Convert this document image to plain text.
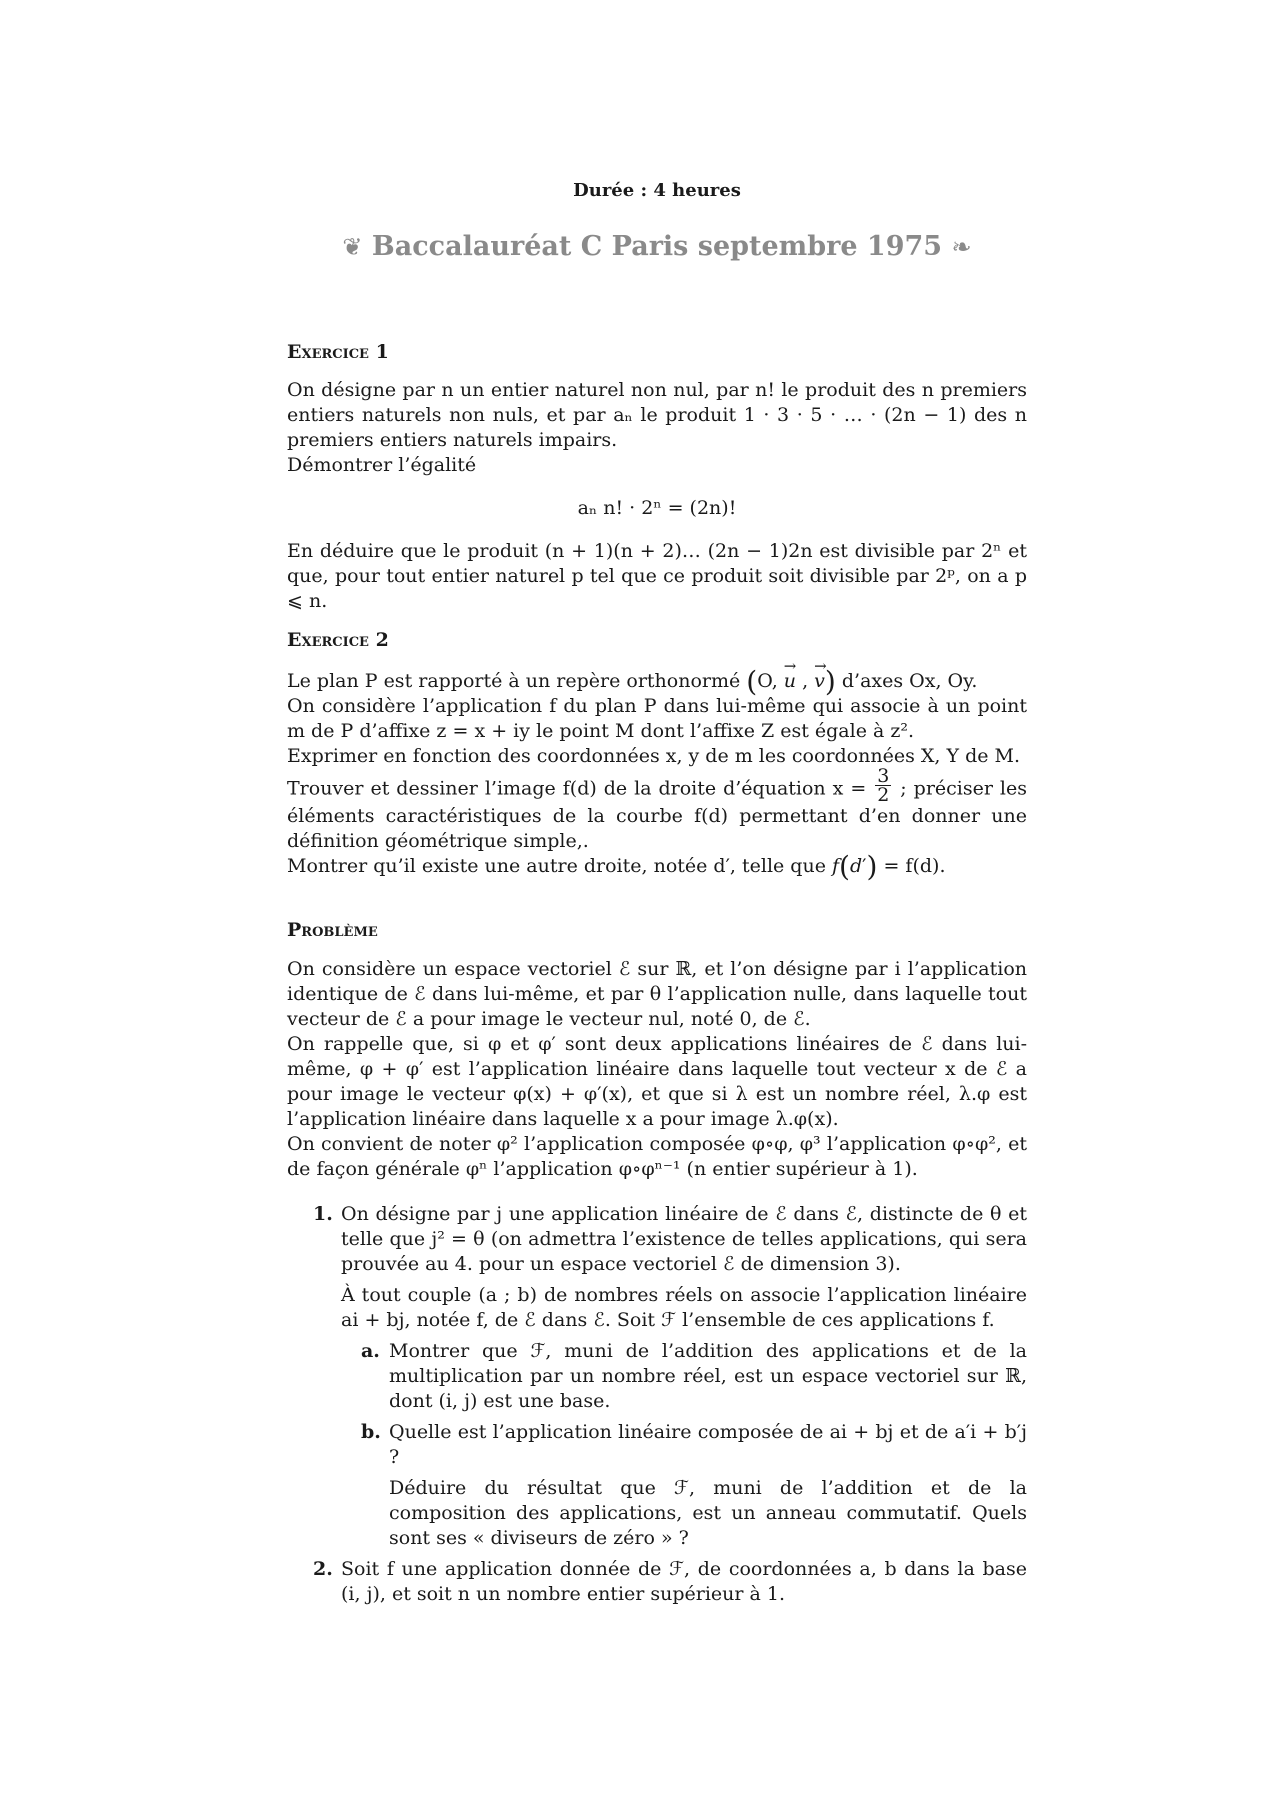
Durée : 4 heures
❦ Baccalauréat C Paris septembre 1975 ❧
Exercice 1

On désigne par n un entier naturel non nul, par n! le produit des n premiers entiers naturels non nuls, et par aₙ le produit 1 · 3 · 5 · … · (2n − 1) des n premiers entiers naturels impairs.

Démontrer l’égalité

aₙ n! · 2ⁿ = (2n)!

En déduire que le produit (n + 1)(n + 2)… (2n − 1)2n est divisible par 2ⁿ et que, pour tout entier naturel p tel que ce produit soit divisible par 2ᵖ, on a p ⩽ n.

Exercice 2

Le plan P est rapporté à un repère orthonormé (O, → u , → v) d’axes Ox, Oy.

On considère l’application f du plan P dans lui-même qui associe à un point m de P d’affixe z = x + iy le point M dont l’affixe Z est égale à z².

Exprimer en fonction des coordonnées x, y de m les coordonnées X, Y de M.

Trouver et dessiner l’image f(d) de la droite d’équation $x = \frac{3}{2}$ ; préciser les éléments caractéristiques de la courbe f(d) permettant d’en donner une définition géométrique simple,.

Montrer qu’il existe une autre droite, notée d′, telle que f(d′) = f(d).

Problème

On considère un espace vectoriel ℰ sur ℝ, et l’on désigne par i l’application identique de ℰ dans lui-même, et par θ l’application nulle, dans laquelle tout vecteur de ℰ a pour image le vecteur nul, noté 0, de ℰ.

On rappelle que, si φ et φ′ sont deux applications linéaires de ℰ dans lui-même, φ + φ′ est l’application linéaire dans laquelle tout vecteur x de ℰ a pour image le vecteur φ(x) + φ′(x), et que si λ est un nombre réel, λ.φ est l’application linéaire dans laquelle x a pour image λ.φ(x).

On convient de noter φ² l’application composée φ∘φ, φ³ l’application φ∘φ², et de façon générale φⁿ l’application φ∘φⁿ⁻¹ (n entier supérieur à 1).

1. On désigne par j une application linéaire de ℰ dans ℰ, distincte de θ et telle que j² = θ (on admettra l’existence de telles applications, qui sera prouvée au 4. pour un espace vectoriel ℰ de dimension 3).

À tout couple (a ; b) de nombres réels on associe l’application linéaire ai + bj, notée f, de ℰ dans ℰ. Soit ℱ l’ensemble de ces applications f.

a. Montrer que ℱ, muni de l’addition des applications et de la multiplication par un nombre réel, est un espace vectoriel sur ℝ, dont (i, j) est une base.

b. Quelle est l’application linéaire composée de ai + bj et de a′i + b′j ?

Déduire du résultat que ℱ, muni de l’addition et de la composition des applications, est un anneau commutatif. Quels sont ses « diviseurs de zéro » ?

2. Soit f une application donnée de ℱ, de coordonnées a, b dans la base (i, j), et soit n un nombre entier supérieur à 1.
